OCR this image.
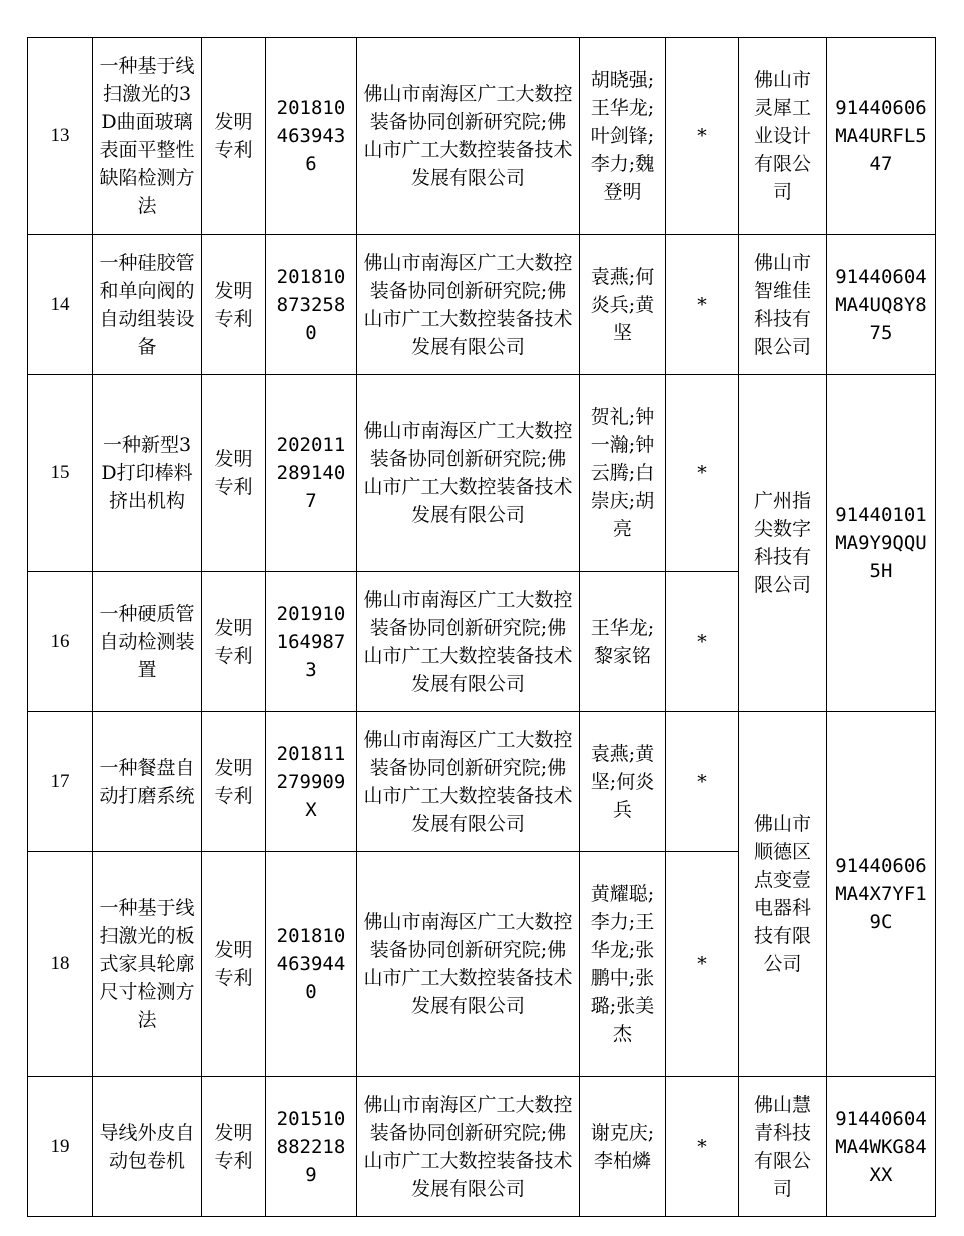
13	一种基于线扫激光的3D曲面玻璃表面平整性缺陷检测方法	发明专利	2018104639436	佛山市南海区广工大数控装备协同创新研究院;佛山市广工大数控装备技术发展有限公司	胡晓强;王华龙;叶剑锋;李力;魏登明	*	佛山市灵犀工业设计有限公司	91440606MA4URFL547
14	一种硅胶管和单向阀的自动组装设备	发明专利	2018108732580	佛山市南海区广工大数控装备协同创新研究院;佛山市广工大数控装备技术发展有限公司	袁燕;何炎兵;黄坚	*	佛山市智维佳科技有限公司	91440604MA4UQ8Y875
15	一种新型3D打印棒料挤出机构	发明专利	2020112891407	佛山市南海区广工大数控装备协同创新研究院;佛山市广工大数控装备技术发展有限公司	贺礼;钟一瀚;钟云腾;白崇庆;胡亮	*	广州指尖数字科技有限公司	91440101MA9Y9QQU5H
16	一种硬质管自动检测装置	发明专利	2019101649873	佛山市南海区广工大数控装备协同创新研究院;佛山市广工大数控装备技术发展有限公司	王华龙;黎家铭	*		
17	一种餐盘自动打磨系统	发明专利	201811279909X	佛山市南海区广工大数控装备协同创新研究院;佛山市广工大数控装备技术发展有限公司	袁燕;黄坚;何炎兵	*	佛山市顺德区点变壹电器科技有限公司	91440606MA4X7YF19C
18	一种基于线扫激光的板式家具轮廓尺寸检测方法	发明专利	2018104639440	佛山市南海区广工大数控装备协同创新研究院;佛山市广工大数控装备技术发展有限公司	黄耀聪;李力;王华龙;张鹏中;张璐;张美杰	*		
19	导线外皮自动包卷机	发明专利	2015108822189	佛山市南海区广工大数控装备协同创新研究院;佛山市广工大数控装备技术发展有限公司	谢克庆;李柏燐	*	佛山慧青科技有限公司	91440604MA4WKG84XX
